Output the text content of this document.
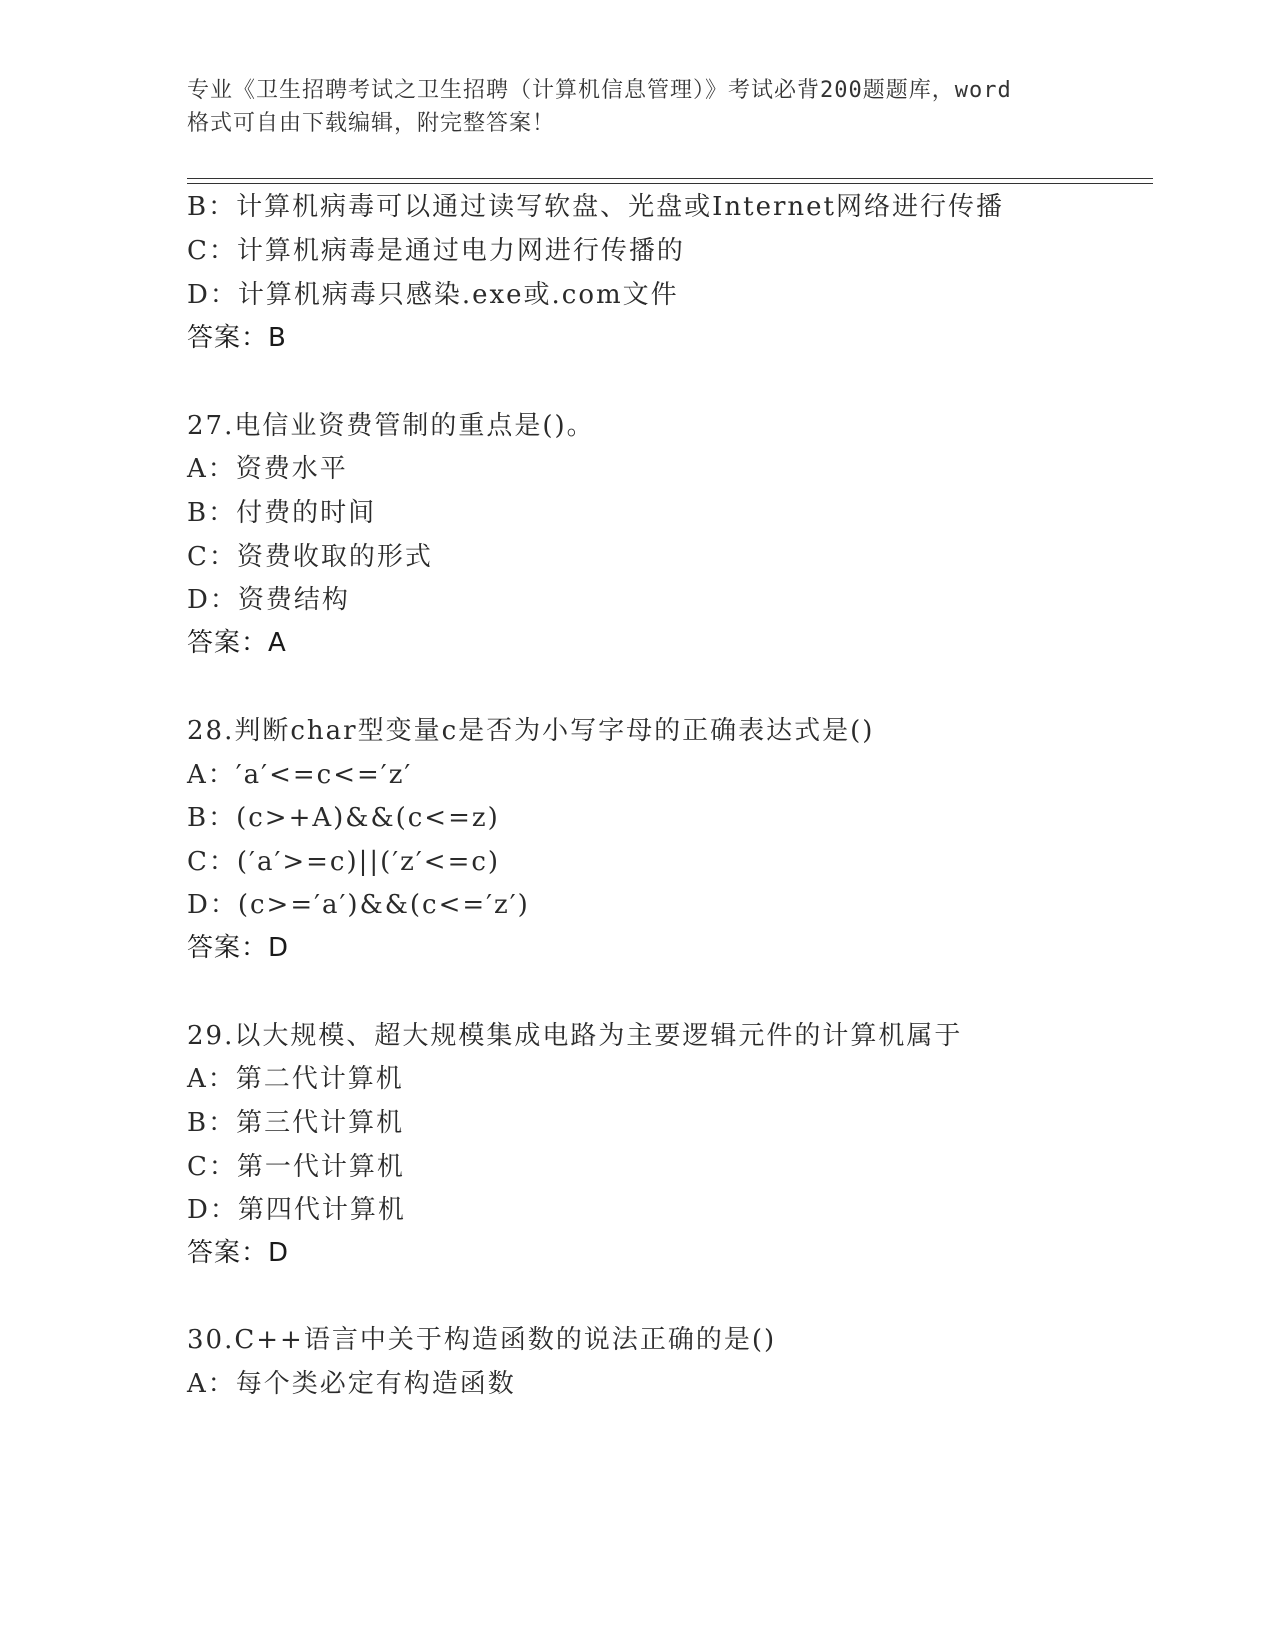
专业《卫生招聘考试之卫生招聘（计算机信息管理）》考试必背200题题库，word
格式可自由下载编辑，附完整答案！
B：计算机病毒可以通过读写软盘、光盘或Internet网络进行传播
C：计算机病毒是通过电力网进行传播的
D：计算机病毒只感染.exe或.com文件
答案：B
27.电信业资费管制的重点是()。
A：资费水平
B：付费的时间
C：资费收取的形式
D：资费结构
答案：A
28.判断char型变量c是否为小写字母的正确表达式是()
A：′a′<=c<=′z′
B：(c>+A)&&(c<=z)
C：(′a′>=c)||(′z′<=c)
D：(c>=′a′)&&(c<=′z′)
答案：D
29.以大规模、超大规模集成电路为主要逻辑元件的计算机属于
A：第二代计算机
B：第三代计算机
C：第一代计算机
D：第四代计算机
答案：D
30.C++语言中关于构造函数的说法正确的是()
A：每个类必定有构造函数
